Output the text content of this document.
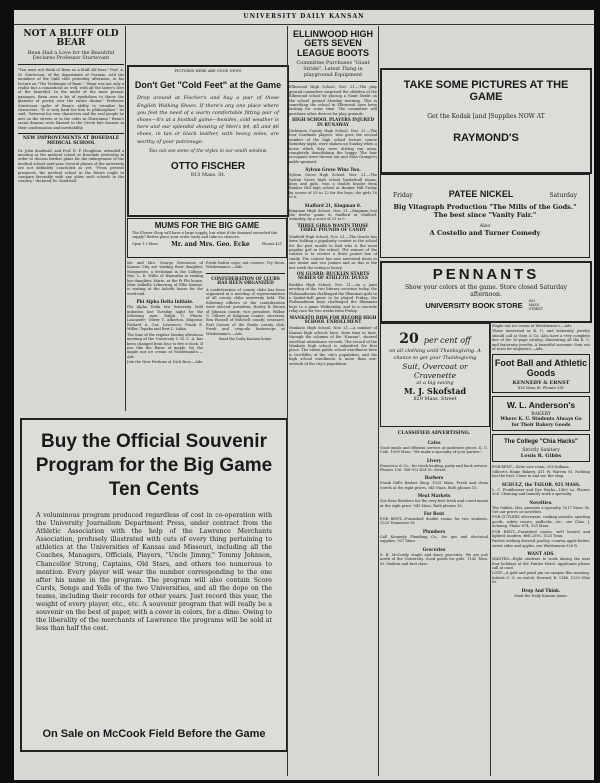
UNIVERSITY DAILY KANSAN
NOT A BLUFF OLD BEAR
Bean Had a Love for the Beautiful Declares Professor Sturtevant
"You must not think of Bean as a bluff old bear," Prof. A. M. Sturtevant, of the department of German, told the members of the Quill club yesterday afternoon, in his lecture on "The Technique of Bean." "Bean was not only a realist but a romanticist as well, with all the latter's love of the beautiful. In the midst of the most prosaic passages, Bean uses a bit of symbolism to throw the glamour of poetry over the entire drama." Professor Sturtevant spoke of Bean's ability to visualize his characters. "It is very hard for him to philosophize," he said, "between his own characters and the real people he met on the streets or in the cafes in Christiania." Bean's social dramas were likened to the Greek fate dramas in their condensation and inevitability.
NEW IMPROVEMENTS AT ROSEDALE MEDICAL SCHOOL
Dr. John Sundwall, and Prof. D. F. Houghton, attended a meeting at the medical school at Rosedale yesterday in order to discuss further plans for the enlargement of the medical school next year. Several phases of the university are not definitely concluded as yet. "From present prospects, the medical school in the future ought to compare favorably with any other such schools in the country," declared Dr. Sundwall.
PICTURES HERE ARE GOOD NEWS
Don't Get "Cold Feet" at the Game
Drop around at Fischer's and buy a pair of those English Walking Shoes. If there's any one place where you feel the need of a warm comfortable fitting pair of shoes—it's at a football game—besides, cold weather is here and our splendid showing of Men's $4, $5 and $6 shoes, in tan or black leather, with heavy soles, are worthy of your patronage.
You can see some of the styles in our south window.
OTTO FISCHER
813 Mass. St.
MUMS FOR THE BIG GAME
The Flower Shop will have a large supply, but what if the demand exceeded the supply? Better place your order early and take no chances.
Open 1-2 Mass. Mr. and Mrs. Geo. Ecke	Phones 421
Mr. and Mrs. George Stevenson of Kansas City are visiting their daughter, Marguerite, a freshman in the College. Mrs. L. D. Willis of Hiawatha is visiting her daughter, Marie, at the Pi Phi house. Miss Isabella Lelmering of Ellis Kansas, is visiting at the Acheth house for the week-end.
Phi Alpha Delta Initiate.
Phi Alpha Delta law fraternity held initiation last Tuesday night for the following men: Ralph U. Pfoutz, Lancaster; Oliver T. Atherton, Emporia; Richard A. Cox, Lawrence; Frank E. Miller, Topeka and Bert L. Lakin.
The time of the regular Sunday afternoon meeting of the University Y. M. C. A. has been changed from four to five o'clock. If you like the flavor of maple, try the maple nut ice cream at Wiedemann's.—Adv.
Join the New Perfume at Dick Bros.—Adv.
Fresh butter cups, nut centers. Try them. Wiedemann's.—Adv.
CONFEDERATION OF CLUBS HAS BEEN ORGANIZED
A confederation of county clubs has been organized at a meeting of representatives of all county clubs university held. The following officers of the confederation were elected: president, Harley R. Brown of Johnson county; vice president, Wilbur G. Gilbert of Kingman county; secretary, Ben Russell of Mitchell county; treasurer, Earl Carson of the Rooks county club. Fresh and crisp-ala buttercups at Wiedemann's.—Adv.
Send the Daily Kansan home.
Buy the Official Souvenir Program for the Big Game Ten Cents
A voluminous program produced regardless of cost in co-operation with the University Journalism Department Press, under contract from the Athletic Association with the help of the Lawrence Merchants Association, profusely illustrated with cuts of every thing pertaining to athletics at the Universities of Kansas and Missouri, including all the Coaches, Managers, Officials, Players, "Uncle Jimmy," Tommy Johnson, Chancellor Strong, Captains, Old Stars, and others too numerous to mention. Every player will wear the number corresponding to the one after his name in the program. The program will also contain Score Cards, Songs and Yells of the two Universities, and all the dope on the teams, including their records for other years. Just record this year, the weight of every player, etc., etc. A souvenir program that will really be a souvenir on the best of paper, with a cover in colors, for a dime. Owing to the liberality of the merchants of Lawrence the programs will be sold at less than half the cost.
On Sale on McCook Field Before the Game
ELLINWOOD HIGH GETS SEVEN LEAGUE BOOTS
Committee Purchases "Giant Stride", Latest Thing in playground Equipment
Ellinwood High School, Nov. 21.—The play ground committee surprised the children of the Ellinwood school by placing a Giant Stride on the school ground Monday morning. This is something the school in Ellinwood have been lacking for some time. The committee will purchase other devices for play grounds.
HIGH SCHOOL PLAYERS INJURED IN RUNAWAY
Dickinson County High School, Nov. 21.—The four Cardinals players, who gave the second number of the high school lecture course Saturday night, were shaken up Sunday when a horse which they were driving ran away, completely demolishing the buggy. The four occupants were thrown out and Miss Granger's ankle sprained.
Sylvan Grove Wins Two.
Sylvan Grove High School, Nov. 21.—The Sylvan Grove high school basketball teams, boys and girls, won a double header from Bunker Hill high school at Bunker Hill Friday by scores of 33 to 12 for the boys; the girls 16 to 6.
Stafford 21, Kingman 0.
Kingman High School, Nov. 21.—Kingman lost the twelve game to Stafford at Stafford, Saturday, by a score of 21 to 0.
THREE GIRLS WANTS THOSE THREE POUNDS OF CANDY
Winfield High School, Nov. 21.—The Oracle has been holding a popularity contest in the school for the past month to find who is the most popular girl in the school. The winner of the contest is to receive a three pound box of candy. The contest has now narrowed down to one senior and two juniors and as this is the last week the voting is heavy.
ON GUARD: BUCKLIN STARTS SERIES OF ATHLETIC DUELS
Bucklin High School, Nov. 21.—As a joint meeting of the two literary societies today, the Philomatheans challenged the Illuminati girls to a basket-ball game to be played Friday; the Philomathean boys challenged the Illuminati boys to a game Wednesday, and to a one-mile relay race for two weeks from Friday.
MANKATO BIDS FOR RECORD HIGH SCHOOL ENROLLMENT
Mankato High School, Nov. 21.—A number of Kansas high schools have, from time to time, through the columns of the "Kansan", showed excellent attendance records. The record of the Mankato high school is submitted for first place. The entire public school enrollment here is two-fifths of the city's population, and the high school enrollment is more than one-seventh of the city's population.
TAKE SOME PICTURES AT THE GAME
Get the Kodak [and ]Supplies NOW AT
RAYMOND'S
Friday	PATEE NICKEL	Saturday
Big Vitagraph Production "The Mills of the Gods." The best since "Vanity Fair."
Also
A Costello and Turner Comedy
PENNANTS
Show your colors at the game. Store closed Saturday afternoon.
UNIVERSITY BOOK STORE 803 MASS. STREET
20 per cent off
on all clothing until Thanksgiving. A chance to get your Thanksgiving
Suit, Overcoat or Cravenette
at a big saving
M. J. Skofstad
829 Mass. Street
CLASSIFIED ADVERTISING.
Cafes
Good meals and efficient service at moderate prices. K. U. Cafe, 1009 Mass. "We make a specialty of your parties."
Livery
Francisco & Co., for truck hauling, party and hack service. Phones 136. 908-912-814 Vt. Street.
Barbers
Frank Diff's Barber Shop, 1025 Mass. Fresh and clean towels at the right prices. 941 Mass. Both phones 15.
Meat Markets
Zoe Ross Brothers for the very best fresh and cured meats at the right price. 943 Mass. Both phones 15.
For Rent
FOR RENT—Furnished double rooms for two students. 1325 Tennessee St.
Plumbers
Call Kennedy Plumbing Co., for gas and electrical supplies. 937 Mass.
Groceries
S. H. McCurdy, staple and fancy groceries. We are just north of the University. Good goods for girls, 1142 Tenn. St. Modern and first class.
Maple nut ice cream at Wiedemann's.—Adv.
Those interested in K. U. and fraternity jewelry should call at Gray & Co. Also have a very complete line of the 10-page catalog, illustrating all the K. U. and fraternity jewelry. A beautiful souvenir. Sent out of town for enquirers.—Adv.
Foot Ball and Athletic Goods
KENNEDY & ERNST
826 Mass St. Phones 581
W. L. Anderson's
BAKERY
Where K. U. Students Always Go for Their Bakery Goods
The College "Chia Hacks"
Strictly Sanitary
Louis R. Gibbs
FOR RENT—Suite nice room, 208 Indiana.
Gilbert's Home Bakery, 411 W. Warren St. Nothing but the best. Come in and see the shop.
SCHULZ, the TAILOR. 921 MASS.
L. C. Funkhouser and Dye Works—1400 La. Phones 508. Cleaning and laundry work a specialty.
Novelties.
The Gables, Mrs. presents a specialty. 1017 Mass. St. Get our prices on novelties.
FOR CUTLERY, silverware, cooking utensils, sporting goods, safety razors, padlocks, etc., see Chas. J. Achning. Phone 674, 923 Mass.
FOR RENT—Furnished rooms, well heated and lighted; modern. Bell 2593, 1525 Tenn.
Parties wishing dressed poultry, country apple butter, sweet cider and apples, see Wiedemann 926 R.
WANT ADS.
WANTED—Eight students to work during the next four holidays at the Fairlee Hotel. Applicants please call at once.
LOST—A gold and pearl pin on campus this morning. Initials G. O. on watch. Reward, B. 1146, 1220 Ohio St.
Drop And Think.
Send the Daily Kansan home.
